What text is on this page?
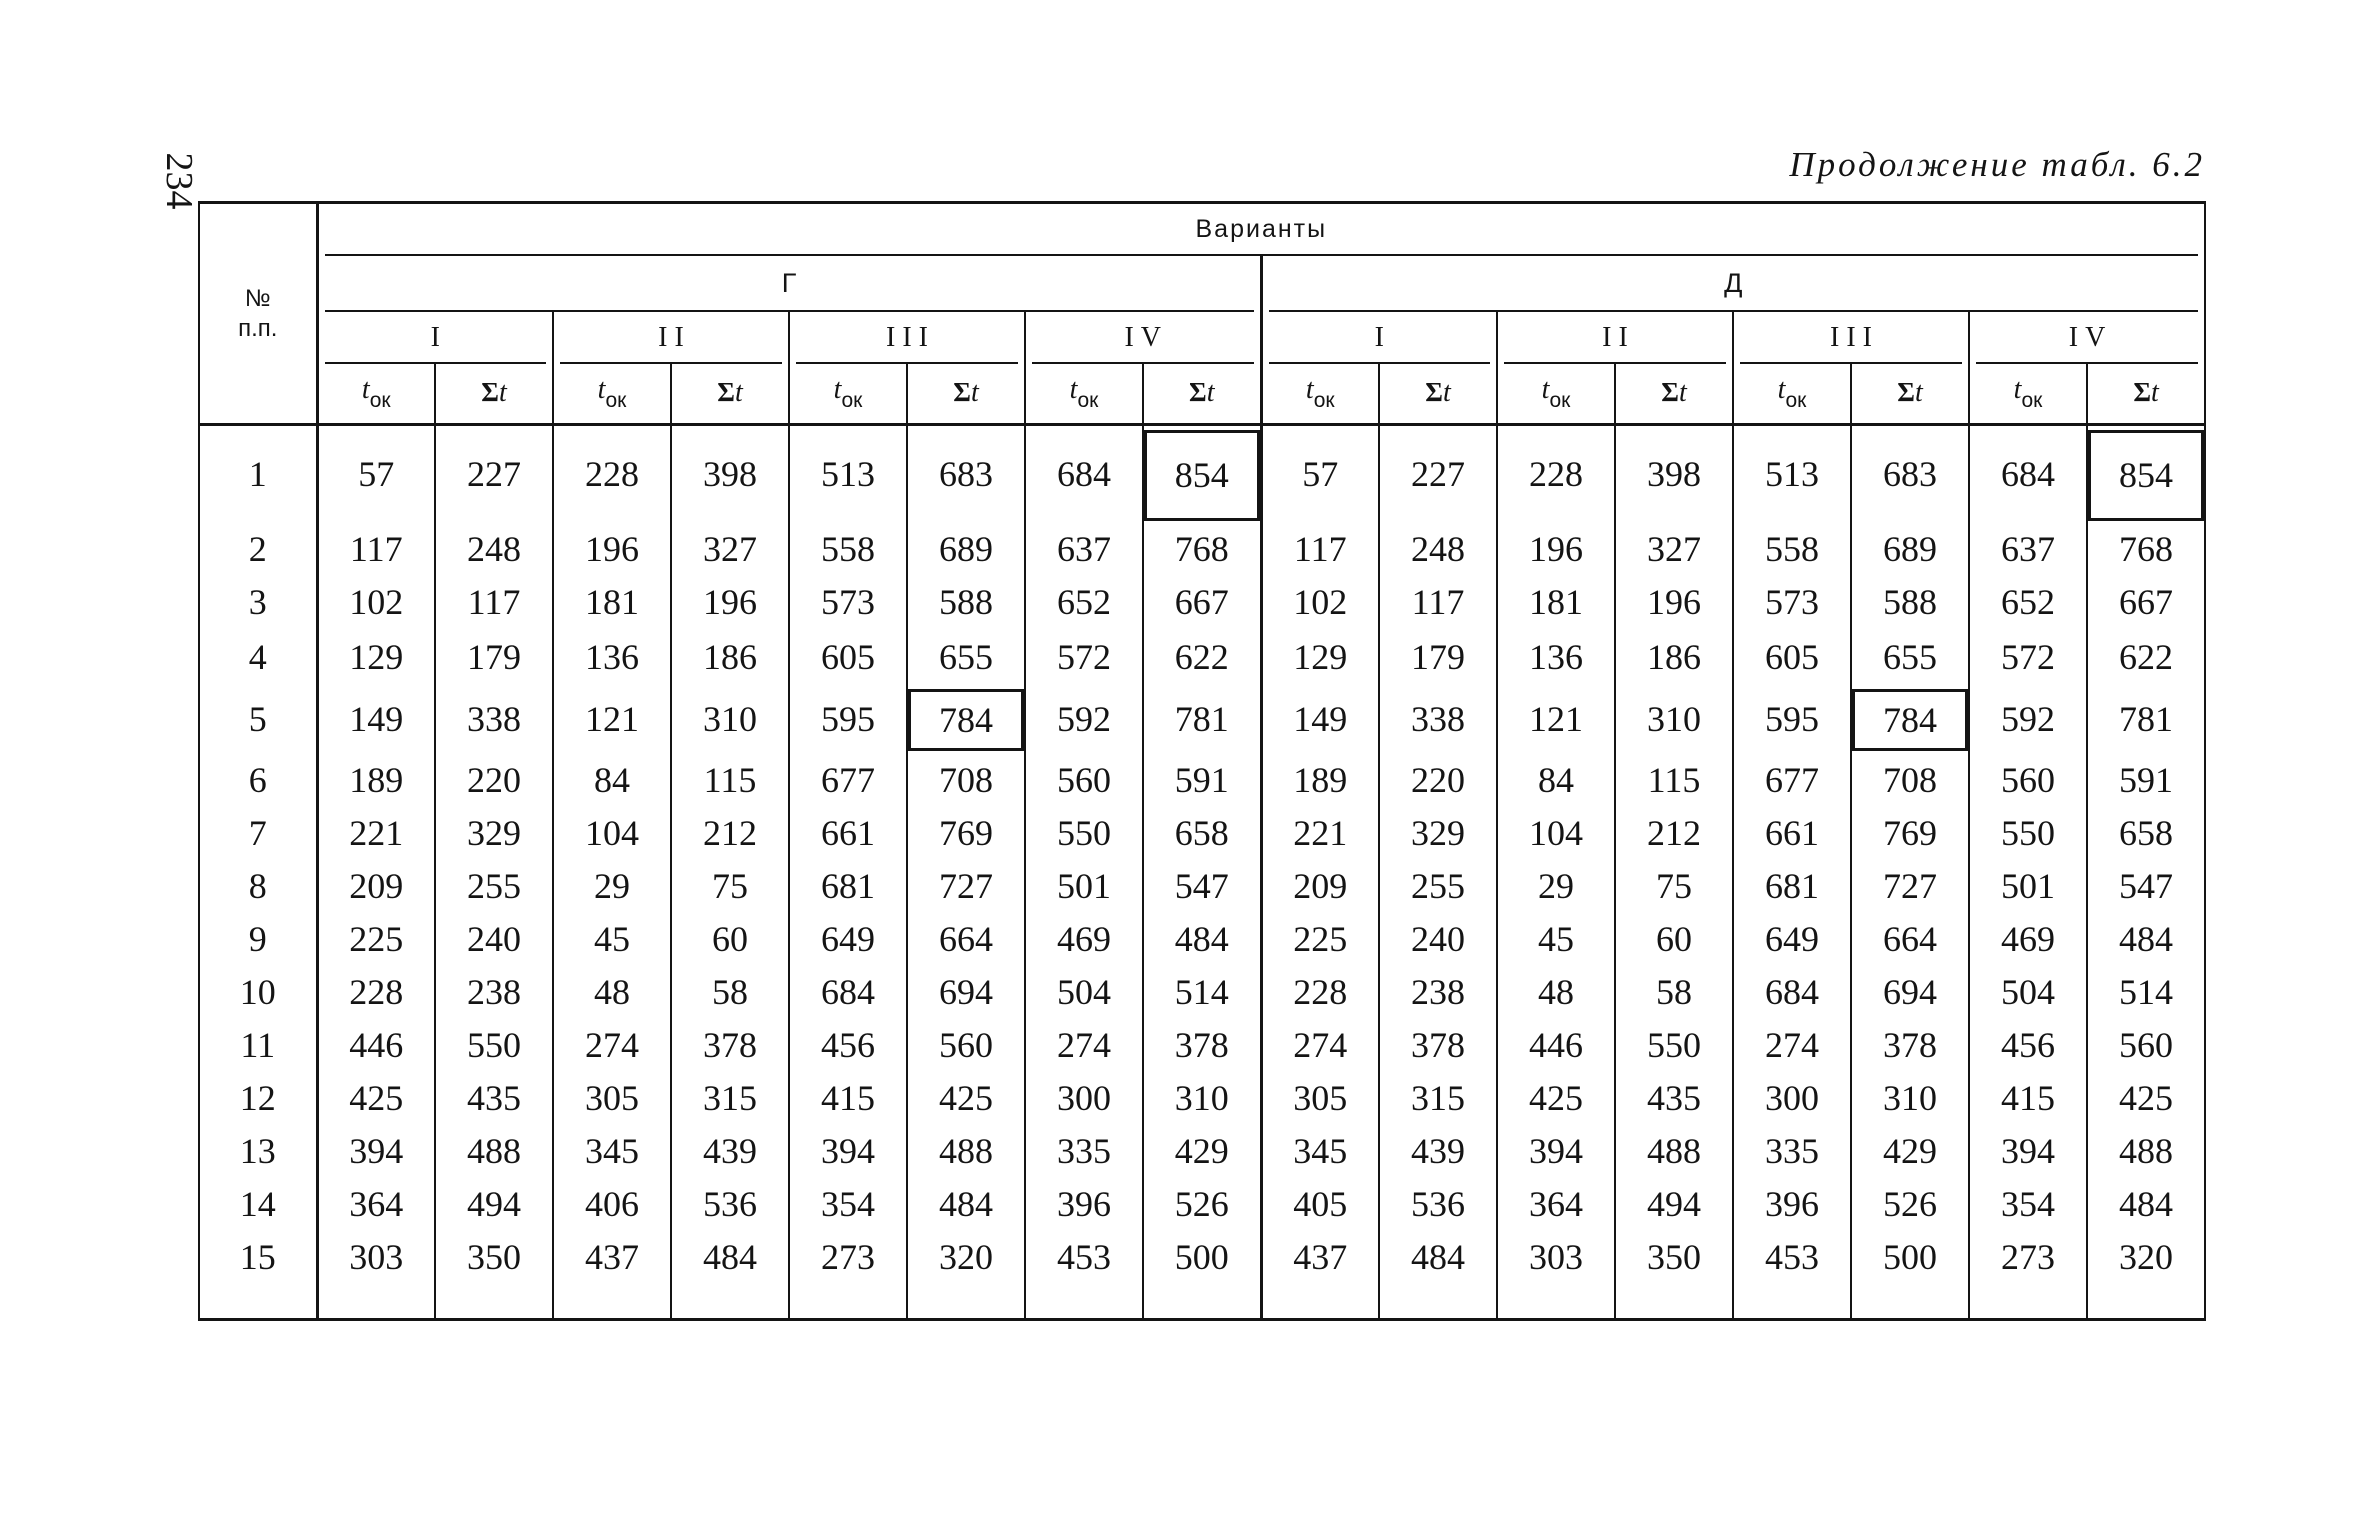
234	Продолжение табл. 6.2
№
п.п.	Варианты															
	Г								Д							
	I		II		III		IV		I		II		III		IV	
	$t_{ок}$	Σt	$t_{ок}$	Σt	$t_{ок}$	Σt	$t_{ок}$	Σt	$t_{ок}$	Σt	$t_{ок}$	Σt	$t_{ок}$	Σt	$t_{ок}$	Σt
1	57	227	228	398	513	683	684	854	57	227	228	398	513	683	684	854

2	117	248	196	327	558	689	637	768	117	248	196	327	558	689	637	768
3	102	117	181	196	573	588	652	667	102	117	181	196	573	588	652	667
4	129	179	136	186	605	655	572	622	129	179	136	186	605	655	572	622
5	149	338	121	310	595	784	592	781	149	338	121	310	595	784	592	781
6	189	220	84	115	677	708	560	591	189	220	84	115	677	708	560	591
7	221	329	104	212	661	769	550	658	221	329	104	212	661	769	550	658
8	209	255	29	75	681	727	501	547	209	255	29	75	681	727	501	547
9	225	240	45	60	649	664	469	484	225	240	45	60	649	664	469	484
10	228	238	48	58	684	694	504	514	228	238	48	58	684	694	504	514
11	446	550	274	378	456	560	274	378	274	378	446	550	274	378	456	560
12	425	435	305	315	415	425	300	310	305	315	425	435	300	310	415	425
13	394	488	345	439	394	488	335	429	345	439	394	488	335	429	394	488
14	364	494	406	536	354	484	396	526	405	536	364	494	396	526	354	484
15	303	350	437	484	273	320	453	500	437	484	303	350	453	500	273	320
